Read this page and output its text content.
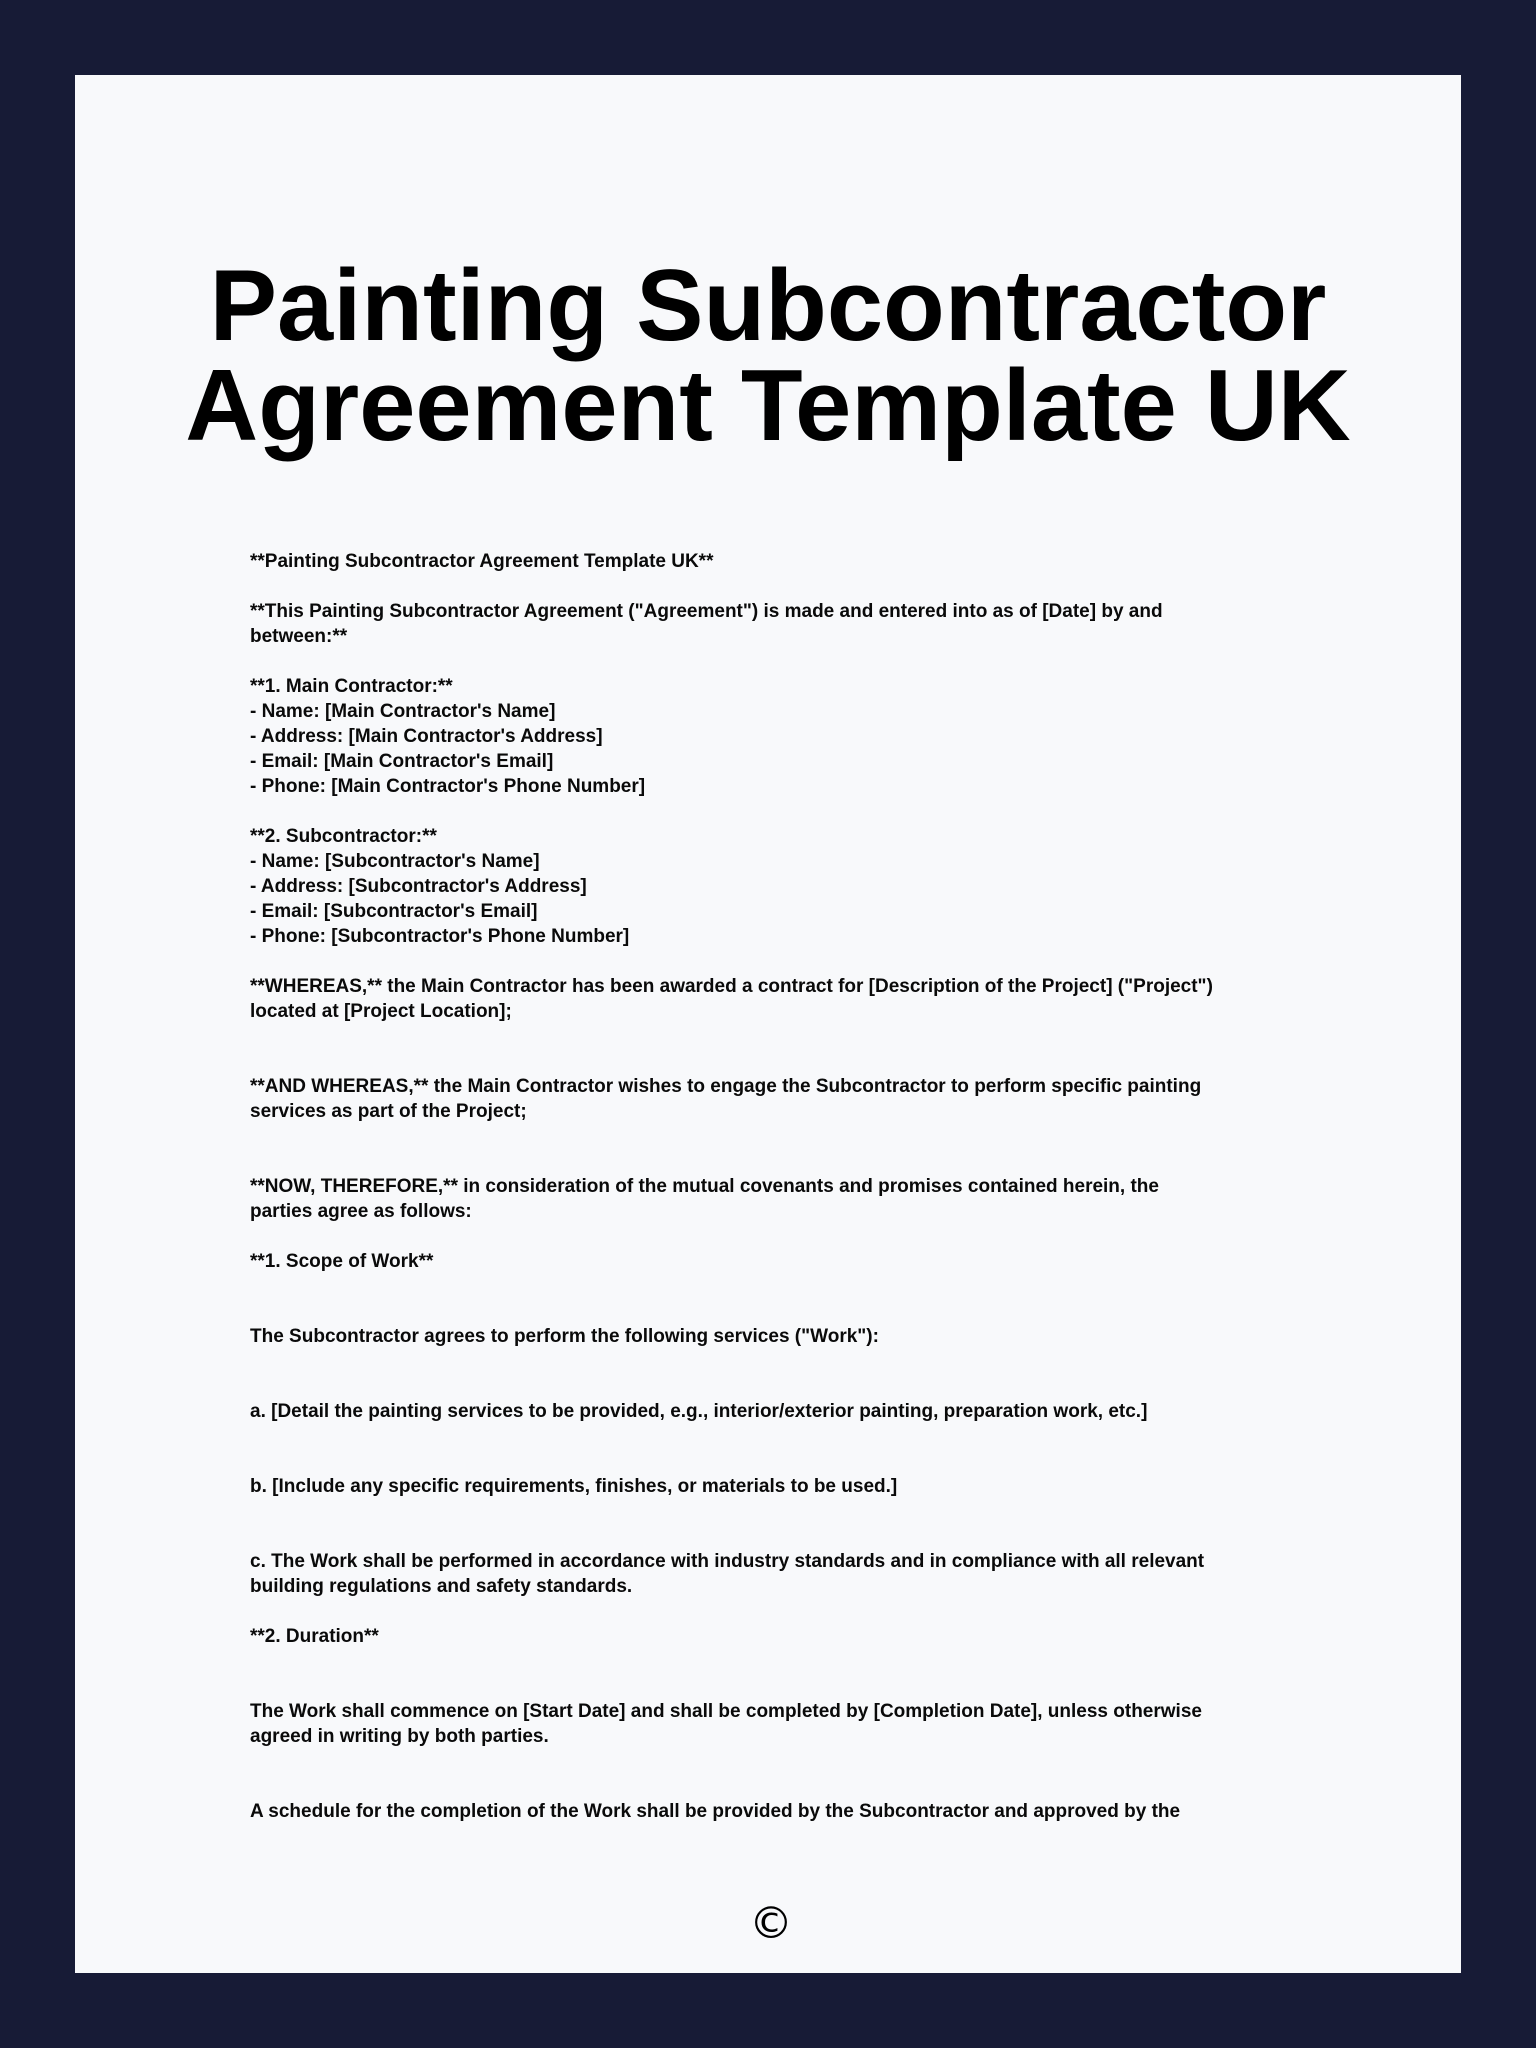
Painting Subcontractor
Agreement Template UK
**Painting Subcontractor Agreement Template UK**
**This Painting Subcontractor Agreement ("Agreement") is made and entered into as of [Date] by and
between:**
**1. Main Contractor:**
- Name: [Main Contractor's Name]
- Address: [Main Contractor's Address]
- Email: [Main Contractor's Email]
- Phone: [Main Contractor's Phone Number]
**2. Subcontractor:**
- Name: [Subcontractor's Name]
- Address: [Subcontractor's Address]
- Email: [Subcontractor's Email]
- Phone: [Subcontractor's Phone Number]
**WHEREAS,** the Main Contractor has been awarded a contract for [Description of the Project] ("Project")
located at [Project Location];
**AND WHEREAS,** the Main Contractor wishes to engage the Subcontractor to perform specific painting
services as part of the Project;
**NOW, THEREFORE,** in consideration of the mutual covenants and promises contained herein, the
parties agree as follows:
**1. Scope of Work**
The Subcontractor agrees to perform the following services ("Work"):
a. [Detail the painting services to be provided, e.g., interior/exterior painting, preparation work, etc.]
b. [Include any specific requirements, finishes, or materials to be used.]
c. The Work shall be performed in accordance with industry standards and in compliance with all relevant
building regulations and safety standards.
**2. Duration**
The Work shall commence on [Start Date] and shall be completed by [Completion Date], unless otherwise
agreed in writing by both parties.
A schedule for the completion of the Work shall be provided by the Subcontractor and approved by the
©
